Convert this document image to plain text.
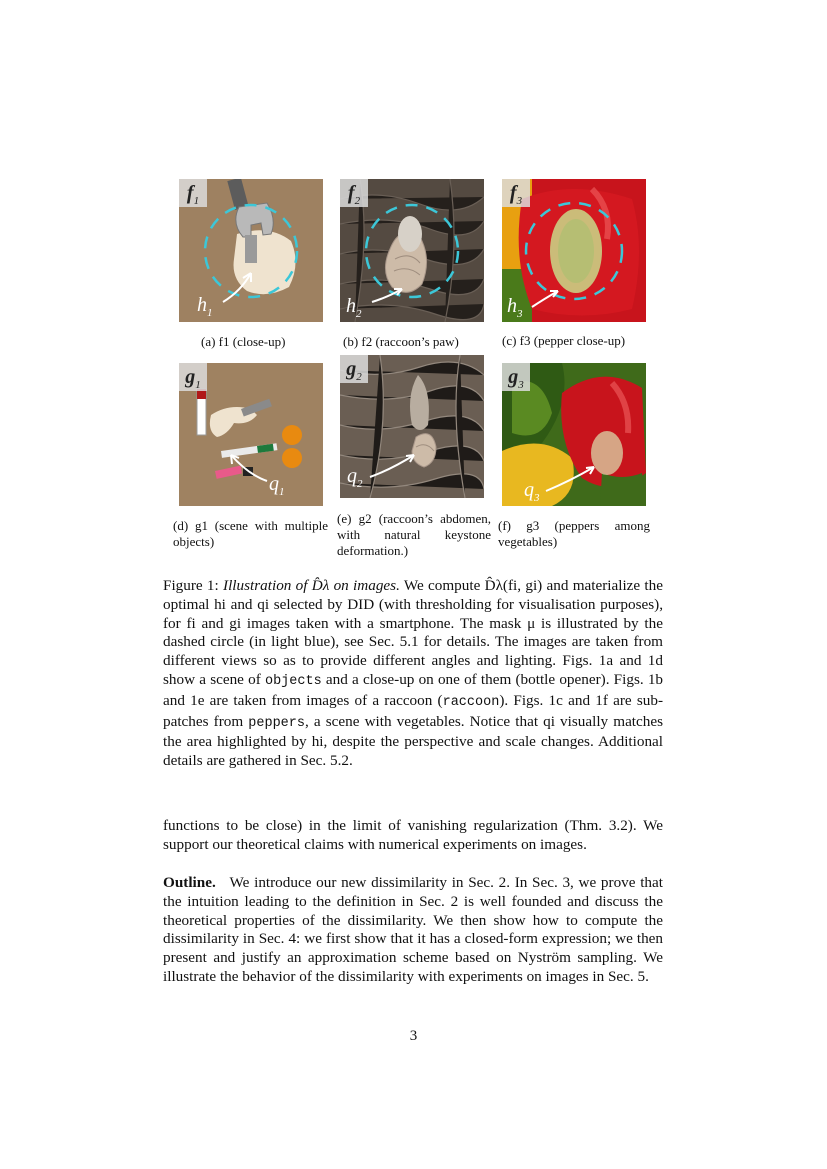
$f_1$
$h_1$
$f_2$
$h_2$
$f_3$
$h_3$
(a) f1 (close-up)	(b) f2 (raccoon’s paw)	(c) f3 (pepper close-up)
$g_1$
$q_1$
$g_2$
$q_2$
$g_3$
$q_3$
(d) g1 (scene with multiple objects)
(e) g2 (raccoon’s abdomen, with natural keystone deformation.)
(f) g3 (peppers among vegetables)
Figure 1: Illustration of D̂λ on images. We compute D̂λ(fi, gi) and materialize the optimal hi and qi selected by DID (with thresholding for visualisation purposes), for fi and gi images taken with a smartphone. The mask μ is illustrated by the dashed circle (in light blue), see Sec. 5.1 for details. The images are taken from different views so as to provide different angles and lighting. Figs. 1a and 1d show a scene of objects and a close-up on one of them (bottle opener). Figs. 1b and 1e are taken from images of a raccoon (raccoon). Figs. 1c and 1f are sub-patches from peppers, a scene with vegetables. Notice that qi visually matches the area highlighted by hi, despite the perspective and scale changes. Additional details are gathered in Sec. 5.2.
functions to be close) in the limit of vanishing regularization (Thm. 3.2). We support our theoretical claims with numerical experiments on images.
Outline. We introduce our new dissimilarity in Sec. 2. In Sec. 3, we prove that the intuition leading to the definition in Sec. 2 is well founded and discuss the theoretical properties of the dissimilarity. We then show how to compute the dissimilarity in Sec. 4: we first show that it has a closed-form expression; we then present and justify an approximation scheme based on Nyström sampling. We illustrate the behavior of the dissimilarity with experiments on images in Sec. 5.
3
